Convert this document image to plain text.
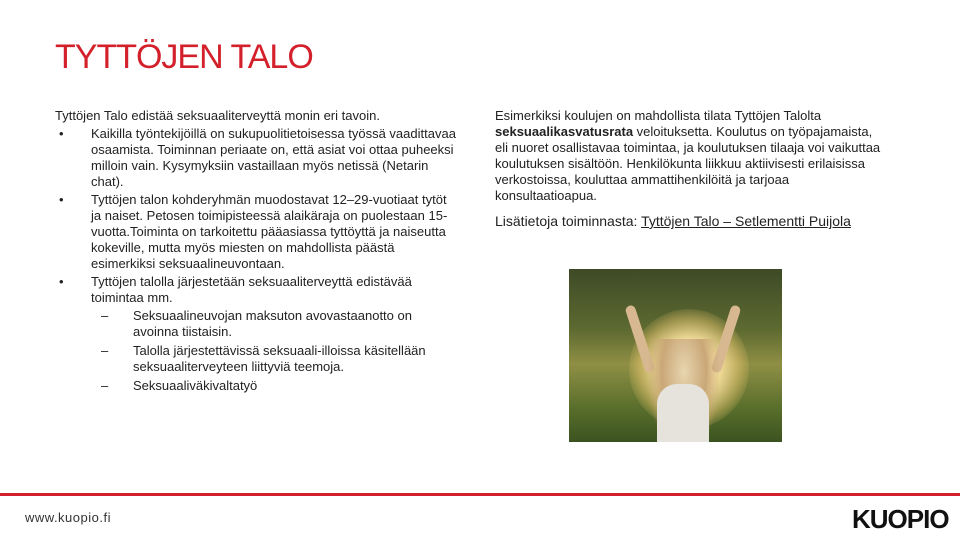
TYTTÖJEN TALO

Tyttöjen Talo edistää seksuaaliterveyttä monin eri tavoin.

• Kaikilla työntekijöillä on sukupuolitietoisessa työssä vaadittavaa osaamista. Toiminnan periaate on, että asiat voi ottaa puheeksi milloin vain. Kysymyksiin vastaillaan myös netissä (Netarin chat).
• Tyttöjen talon kohderyhmän muodostavat 12–29-vuotiaat tytöt ja naiset. Petosen toimipisteessä alaikäraja on puolestaan 15-vuotta.Toiminta on tarkoitettu pääasiassa tyttöyttä ja naiseutta kokeville, mutta myös miesten on mahdollista päästä esimerkiksi seksuaalineuvontaan.
• Tyttöjen talolla järjestetään seksuaaliterveyttä edistävää toimintaa mm.
– Seksuaalineuvojan maksuton avovastaanotto on avoinna tiistaisin.
– Talolla järjestettävissä seksuaali-illoissa käsitellään seksuaaliterveyteen liittyviä teemoja.
– Seksuaaliväkivaltatyö

Esimerkiksi koulujen on mahdollista tilata Tyttöjen Talolta seksuaalikasvatusrata veloituksetta. Koulutus on työpajamaista, eli nuoret osallistavaa toimintaa, ja koulutuksen tilaaja voi vaikuttaa koulutuksen sisältöön. Henkilökunta liikkuu aktiivisesti erilaisissa verkostoissa, kouluttaa ammattihenkilöitä ja tarjoaa konsultaatioapua.

Lisätietoja toiminnasta: Tyttöjen Talo – Setlementti Puijola

www.kuopio.fi	KUOPIO
